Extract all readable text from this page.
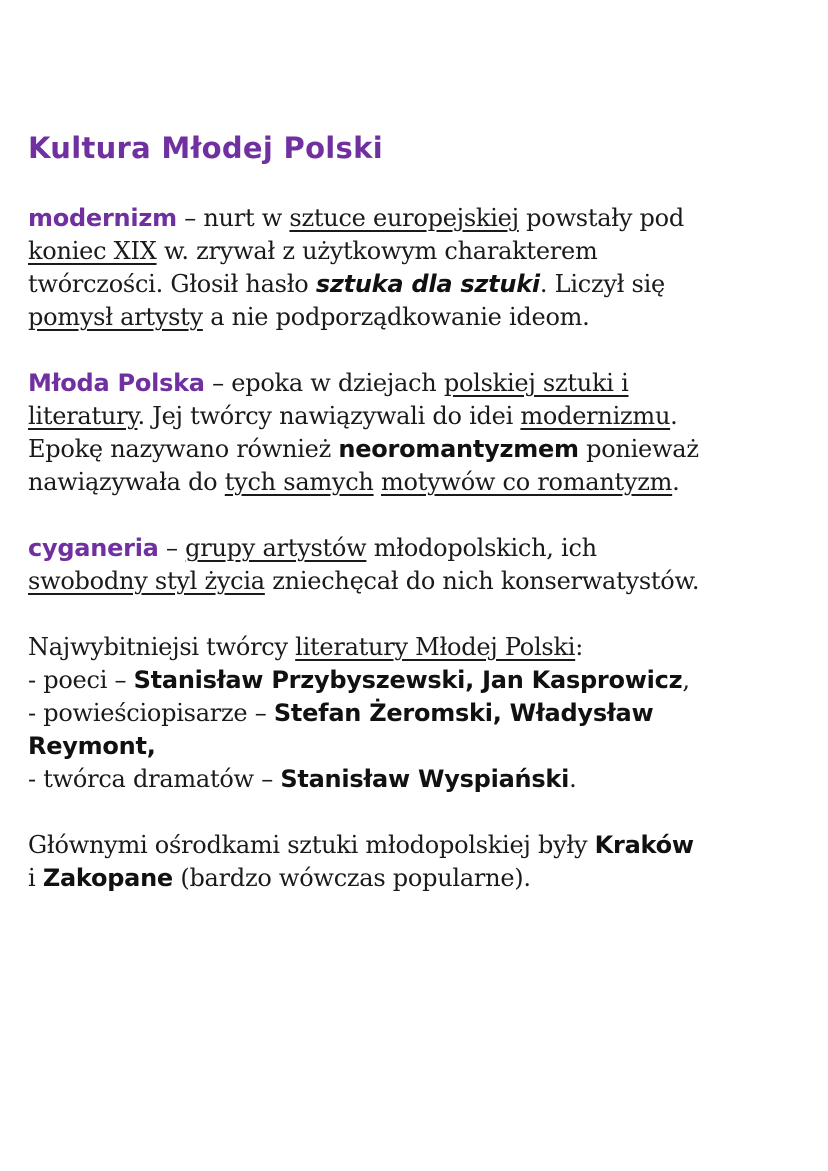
Kultura Młodej Polski

modernizm – nurt w sztuce europejskiej powstały pod
koniec XIX w. zrywał z użytkowym charakterem
twórczości. Głosił hasło sztuka dla sztuki. Liczył się
pomysł artysty a nie podporządkowanie ideom.

Młoda Polska – epoka w dziejach polskiej sztuki i
literatury. Jej twórcy nawiązywali do idei modernizmu.
Epokę nazywano również neoromantyzmem ponieważ
nawiązywała do tych samych motywów co romantyzm.

cyganeria – grupy artystów młodopolskich, ich
swobodny styl życia zniechęcał do nich konserwatystów.

Najwybitniejsi twórcy literatury Młodej Polski:
- poeci – Stanisław Przybyszewski, Jan Kasprowicz,
- powieściopisarze – Stefan Żeromski, Władysław
Reymont,
- twórca dramatów – Stanisław Wyspiański.

Głównymi ośrodkami sztuki młodopolskiej były Kraków
i Zakopane (bardzo wówczas popularne).
